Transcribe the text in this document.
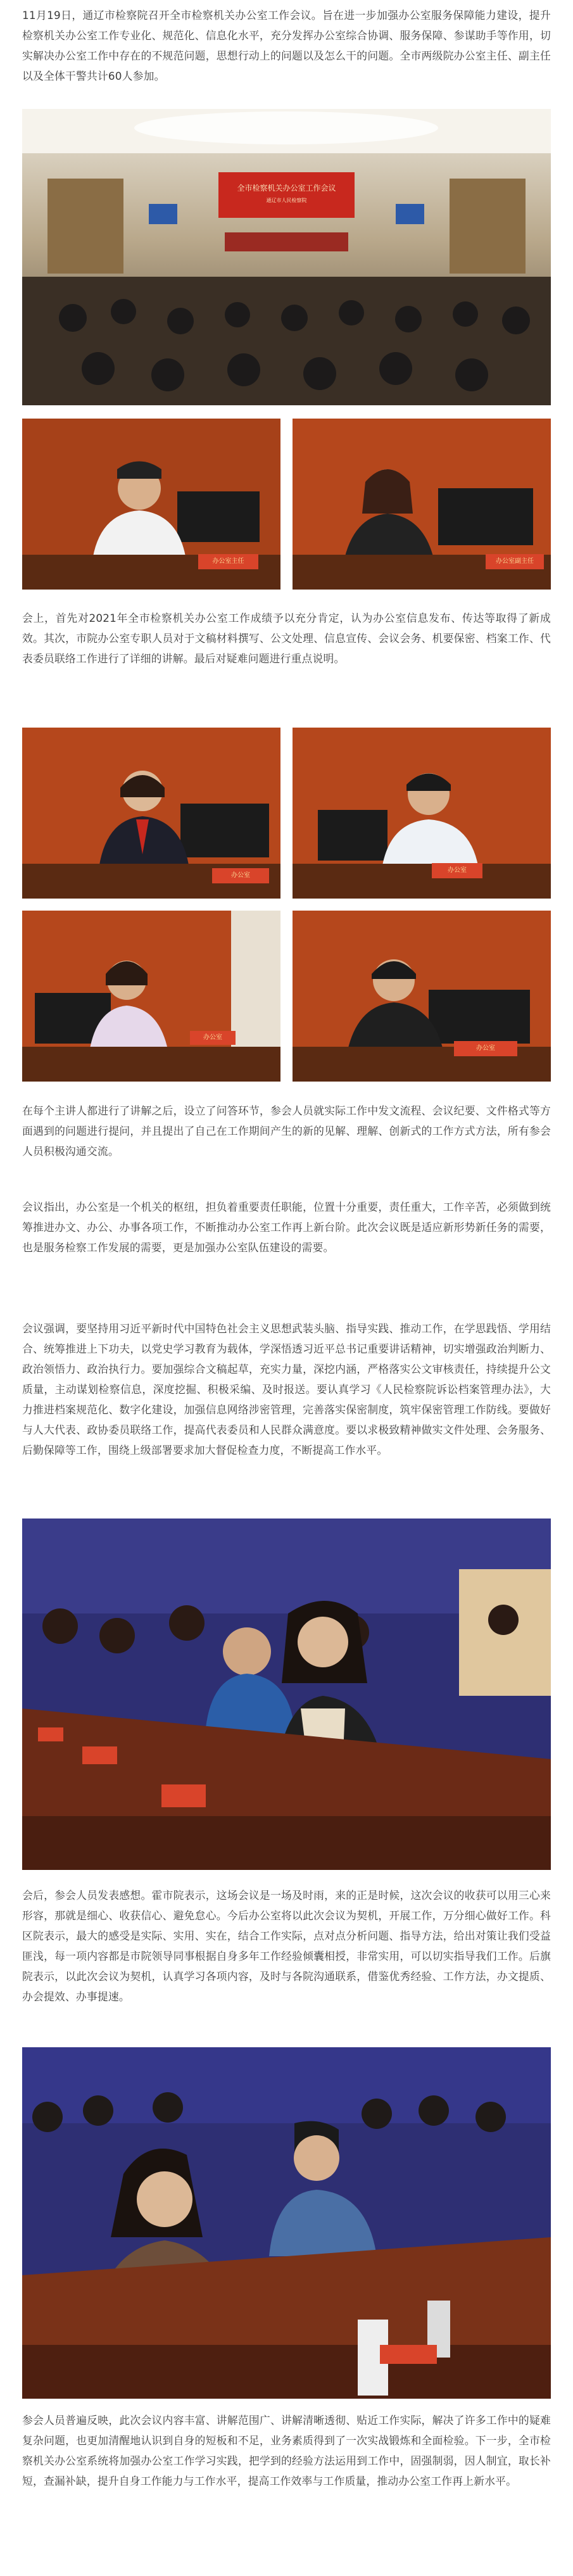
11月19日，通辽市检察院召开全市检察机关办公室工作会议。旨在进一步加强办公室服务保障能力建设，提升检察机关办公室工作专业化、规范化、信息化水平，充分发挥办公室综合协调、服务保障、参谋助手等作用，切实解决办公室工作中存在的不规范问题，思想行动上的问题以及怎么干的问题。全市两级院办公室主任、副主任以及全体干警共计60人参加。

全市检察机关办公室工作会议
通辽市人民检察院
办公室主任	办公室副主任

会上，首先对2021年全市检察机关办公室工作成绩予以充分肯定，认为办公室信息发布、传达等取得了新成效。其次，市院办公室专职人员对于文稿材料撰写、公文处理、信息宣传、会议会务、机要保密、档案工作、代表委员联络工作进行了详细的讲解。最后对疑难问题进行重点说明。

办公室
办公室
办公室
办公室

在每个主讲人都进行了讲解之后，设立了问答环节，参会人员就实际工作中发文流程、会议纪要、文件格式等方面遇到的问题进行提问，并且提出了自己在工作期间产生的新的见解、理解、创新式的工作方式方法，所有参会人员积极沟通交流。

会议指出，办公室是一个机关的枢纽，担负着重要责任职能，位置十分重要，责任重大，工作辛苦，必须做到统筹推进办文、办公、办事各项工作，不断推动办公室工作再上新台阶。此次会议既是适应新形势新任务的需要，也是服务检察工作发展的需要，更是加强办公室队伍建设的需要。

会议强调，要坚持用习近平新时代中国特色社会主义思想武装头脑、指导实践、推动工作，在学思践悟、学用结合、统筹推进上下功夫，以党史学习教育为载体，学深悟透习近平总书记重要讲话精神，切实增强政治判断力、政治领悟力、政治执行力。要加强综合文稿起草，充实力量，深挖内涵，严格落实公文审核责任，持续提升公文质量，主动谋划检察信息，深度挖掘、积极采编、及时报送。要认真学习《人民检察院诉讼档案管理办法》，大力推进档案规范化、数字化建设，加强信息网络涉密管理，完善落实保密制度，筑牢保密管理工作防线。要做好与人大代表、政协委员联络工作，提高代表委员和人民群众满意度。要以求极致精神做实文件处理、会务服务、后勤保障等工作，围绕上级部署要求加大督促检查力度，不断提高工作水平。

会后，参会人员发表感想。霍市院表示，这场会议是一场及时雨，来的正是时候，这次会议的收获可以用三心来形容，那就是细心、收获信心、避免怠心。今后办公室将以此次会议为契机，开展工作，万分细心做好工作。科区院表示，最大的感受是实际、实用、实在，结合工作实际，点对点分析问题、指导方法，给出对策让我们受益匪浅，每一项内容都是市院领导同事根据自身多年工作经验倾囊相授，非常实用，可以切实指导我们工作。后旗院表示，以此次会议为契机，认真学习各项内容，及时与各院沟通联系，借鉴优秀经验、工作方法，办文提质、办会提效、办事提速。

参会人员普遍反映，此次会议内容丰富、讲解范围广、讲解清晰透彻、贴近工作实际，解决了许多工作中的疑难复杂问题，也更加清醒地认识到自身的短板和不足，业务素质得到了一次实战锻炼和全面检验。下一步，全市检察机关办公室系统将加强办公室工作学习实践，把学到的经验方法运用到工作中，固强制弱，因人制宜，取长补短，查漏补缺，提升自身工作能力与工作水平，提高工作效率与工作质量，推动办公室工作再上新水平。
